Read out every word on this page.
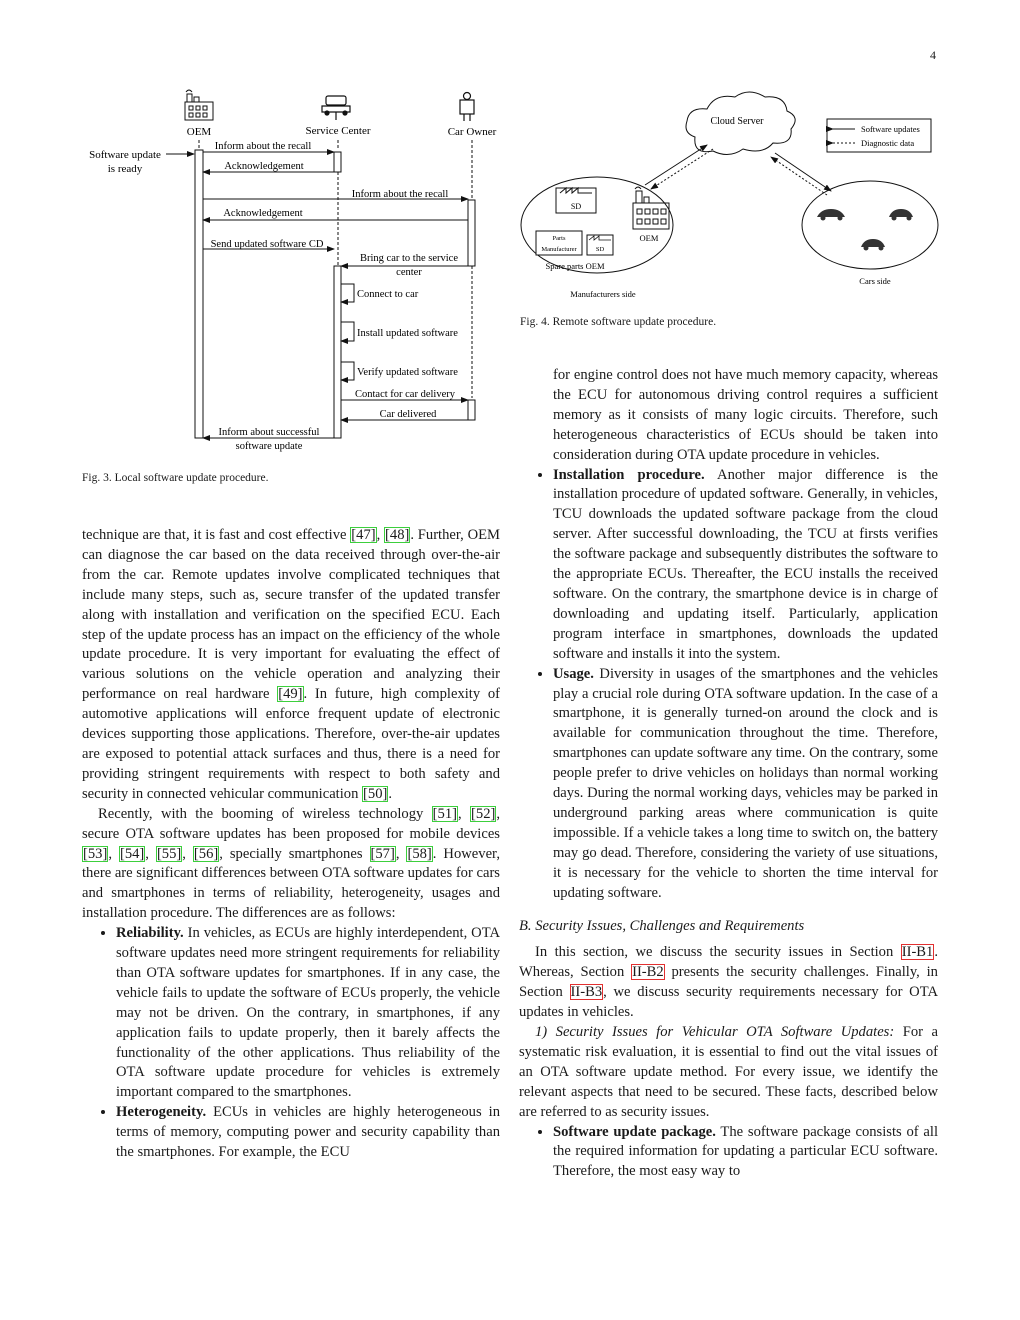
4
OEM	Service Center	Car Owner
Software update
is ready
Inform about the recall
Acknowledgement
Inform about the recall
Acknowledgement
Send updated software CD
Bring car to the service
center
Connect to car
Install updated software
Verify updated software
Contact for car delivery
Car delivered
Inform about successful
software update
Fig. 3. Local software update procedure.
Cloud Server
Software updates
Diagnostic data
SD
Parts
Manufacturer	SD
OEM
Spare parts OEM
Manufacturers side
Cars side
Fig. 4. Remote software update procedure.

technique are that, it is fast and cost effective [47], [48]. Further, OEM can diagnose the car based on the data received through over-the-air from the car. Remote updates involve complicated techniques that include many steps, such as, secure transfer of the updated transfer along with installation and verification on the specified ECU. Each step of the update process has an impact on the efficiency of the whole update procedure. It is very important for evaluating the effect of various solutions on the vehicle operation and analyzing their performance on real hardware [49]. In future, high complexity of automotive applications will enforce frequent update of electronic devices supporting those applications. Therefore, over-the-air updates are exposed to potential attack surfaces and thus, there is a need for providing stringent requirements with respect to both safety and security in connected vehicular communication [50].

Recently, with the booming of wireless technology [51], [52], secure OTA software updates has been proposed for mobile devices [53], [54], [55], [56], specially smartphones [57], [58]. However, there are significant differences between OTA software updates for cars and smartphones in terms of reliability, heterogeneity, usages and installation procedure. The differences are as follows:

• Reliability. In vehicles, as ECUs are highly interdependent, OTA software updates need more stringent requirements for reliability than OTA software updates for smartphones. If in any case, the vehicle fails to update the software of ECUs properly, the vehicle may not be driven. On the contrary, in smartphones, if any application fails to update properly, then it barely affects the functionality of the other applications. Thus reliability of the OTA software update procedure for vehicles is extremely important compared to the smartphones.
• Heterogeneity. ECUs in vehicles are highly heterogeneous in terms of memory, computing power and security capability than the smartphones. For example, the ECU
for engine control does not have much memory capacity, whereas the ECU for autonomous driving control requires a sufficient memory as it consists of many logic circuits. Therefore, such heterogeneous characteristics of ECUs should be taken into consideration during OTA update procedure in vehicles.
• Installation procedure. Another major difference is the installation procedure of updated software. Generally, in vehicles, TCU downloads the updated software package from the cloud server. After successful downloading, the TCU at firsts verifies the software package and subsequently distributes the software to the appropriate ECUs. Thereafter, the ECU installs the received software. On the contrary, the smartphone device is in charge of downloading and updating itself. Particularly, application program interface in smartphones, downloads the updated software and installs it into the system.
• Usage. Diversity in usages of the smartphones and the vehicles play a crucial role during OTA software updation. In the case of a smartphone, it is generally turned-on around the clock and is available for communication throughout the time. Therefore, smartphones can update software any time. On the contrary, some people prefer to drive vehicles on holidays than normal working days. During the normal working days, vehicles may be parked in underground parking areas where communication is quite impossible. If a vehicle takes a long time to switch on, the battery may go dead. Therefore, considering the variety of use situations, it is necessary for the vehicle to shorten the time interval for updating software.

B. Security Issues, Challenges and Requirements

In this section, we discuss the security issues in Section II-B1. Whereas, Section II-B2 presents the security challenges. Finally, in Section II-B3, we discuss security requirements necessary for OTA updates in vehicles.

1) Security Issues for Vehicular OTA Software Updates: For a systematic risk evaluation, it is essential to find out the vital issues of an OTA software update method. For every issue, we identify the relevant aspects that need to be secured. These facts, described below are referred to as security issues.

• Software update package. The software package consists of all the required information for updating a particular ECU software. Therefore, the most easy way to
